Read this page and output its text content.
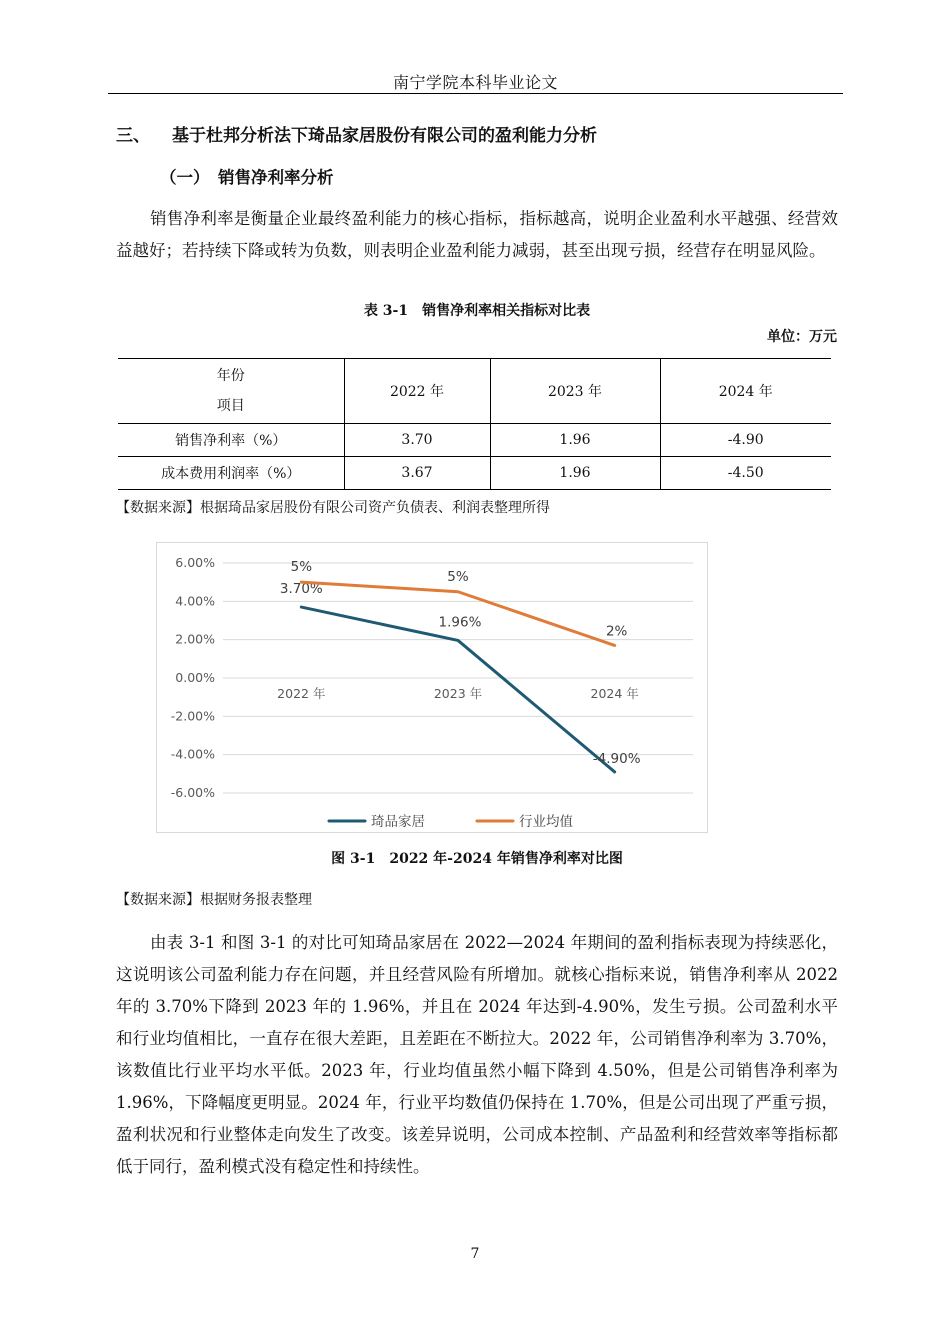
南宁学院本科毕业论文
三、 基于杜邦分析法下琦品家居股份有限公司的盈利能力分析
（一） 销售净利率分析

销售净利率是衡量企业最终盈利能力的核心指标，指标越高，说明企业盈利水平越强、经营效益越好；若持续下降或转为负数，则表明企业盈利能力减弱，甚至出现亏损，经营存在明显风险。

表 3-1　销售净利率相关指标对比表
单位：万元
年份
项目	2022 年	2023 年	2024 年
销售净利率（%）	3.70	1.96	-4.90
成本费用利润率（%）	3.67	1.96	-4.50
【数据来源】根据琦品家居股份有限公司资产负债表、利润表整理所得
-6.00%
-4.00%
-2.00%
0.00%
2.00%
4.00%
6.00%
2022 年	2023 年	2024 年
3.70%
1.96%
-4.90%
5%
5%
2%
琦品家居	行业均值
图 3-1　2022 年-2024 年销售净利率对比图
【数据来源】根据财务报表整理

由表 3-1 和图 3-1 的对比可知琦品家居在 2022—2024 年期间的盈利指标表现为持续恶化，这说明该公司盈利能力存在问题，并且经营风险有所增加。就核心指标来说，销售净利率从 2022 年的 3.70%下降到 2023 年的 1.96%，并且在 2024 年达到-4.90%，发生亏损。公司盈利水平和行业均值相比，一直存在很大差距，且差距在不断拉大。2022 年，公司销售净利率为 3.70%，该数值比行业平均水平低。2023 年，行业均值虽然小幅下降到 4.50%，但是公司销售净利率为 1.96%，下降幅度更明显。2024 年，行业平均数值仍保持在 1.70%，但是公司出现了严重亏损，盈利状况和行业整体走向发生了改变。该差异说明，公司成本控制、产品盈利和经营效率等指标都低于同行，盈利模式没有稳定性和持续性。

7
